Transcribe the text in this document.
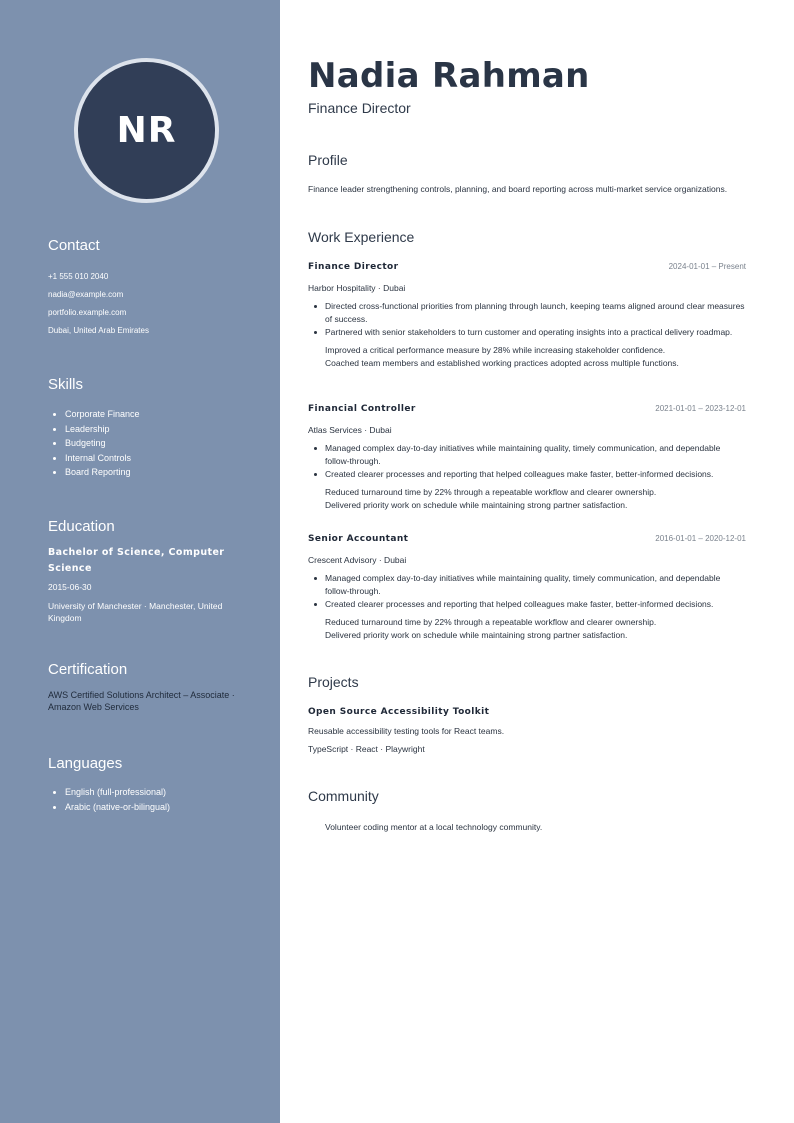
NR
Contact
+1 555 010 2040
nadia@example.com
portfolio.example.com
Dubai, United Arab Emirates
Skills
Corporate Finance
Leadership
Budgeting
Internal Controls
Board Reporting
Education
Bachelor of Science, Computer Science
2015-06-30
University of Manchester · Manchester, United Kingdom
Certification
AWS Certified Solutions Architect – Associate · Amazon Web Services
Languages
English (full-professional)
Arabic (native-or-bilingual)
Nadia Rahman
Finance Director
Profile
Finance leader strengthening controls, planning, and board reporting across multi-market service organizations.
Work Experience
Finance Director	2024-01-01 – Present
Harbor Hospitality · Dubai
Directed cross-functional priorities from planning through launch, keeping teams aligned around clear measures of success.
Partnered with senior stakeholders to turn customer and operating insights into a practical delivery roadmap.
Improved a critical performance measure by 28% while increasing stakeholder confidence.
Coached team members and established working practices adopted across multiple functions.
Financial Controller	2021-01-01 – 2023-12-01
Atlas Services · Dubai
Managed complex day-to-day initiatives while maintaining quality, timely communication, and dependable follow-through.
Created clearer processes and reporting that helped colleagues make faster, better-informed decisions.
Reduced turnaround time by 22% through a repeatable workflow and clearer ownership.
Delivered priority work on schedule while maintaining strong partner satisfaction.
Senior Accountant	2016-01-01 – 2020-12-01
Crescent Advisory · Dubai
Managed complex day-to-day initiatives while maintaining quality, timely communication, and dependable follow-through.
Created clearer processes and reporting that helped colleagues make faster, better-informed decisions.
Reduced turnaround time by 22% through a repeatable workflow and clearer ownership.
Delivered priority work on schedule while maintaining strong partner satisfaction.
Projects
Open Source Accessibility Toolkit
Reusable accessibility testing tools for React teams.
TypeScript · React · Playwright
Community
Volunteer coding mentor at a local technology community.
